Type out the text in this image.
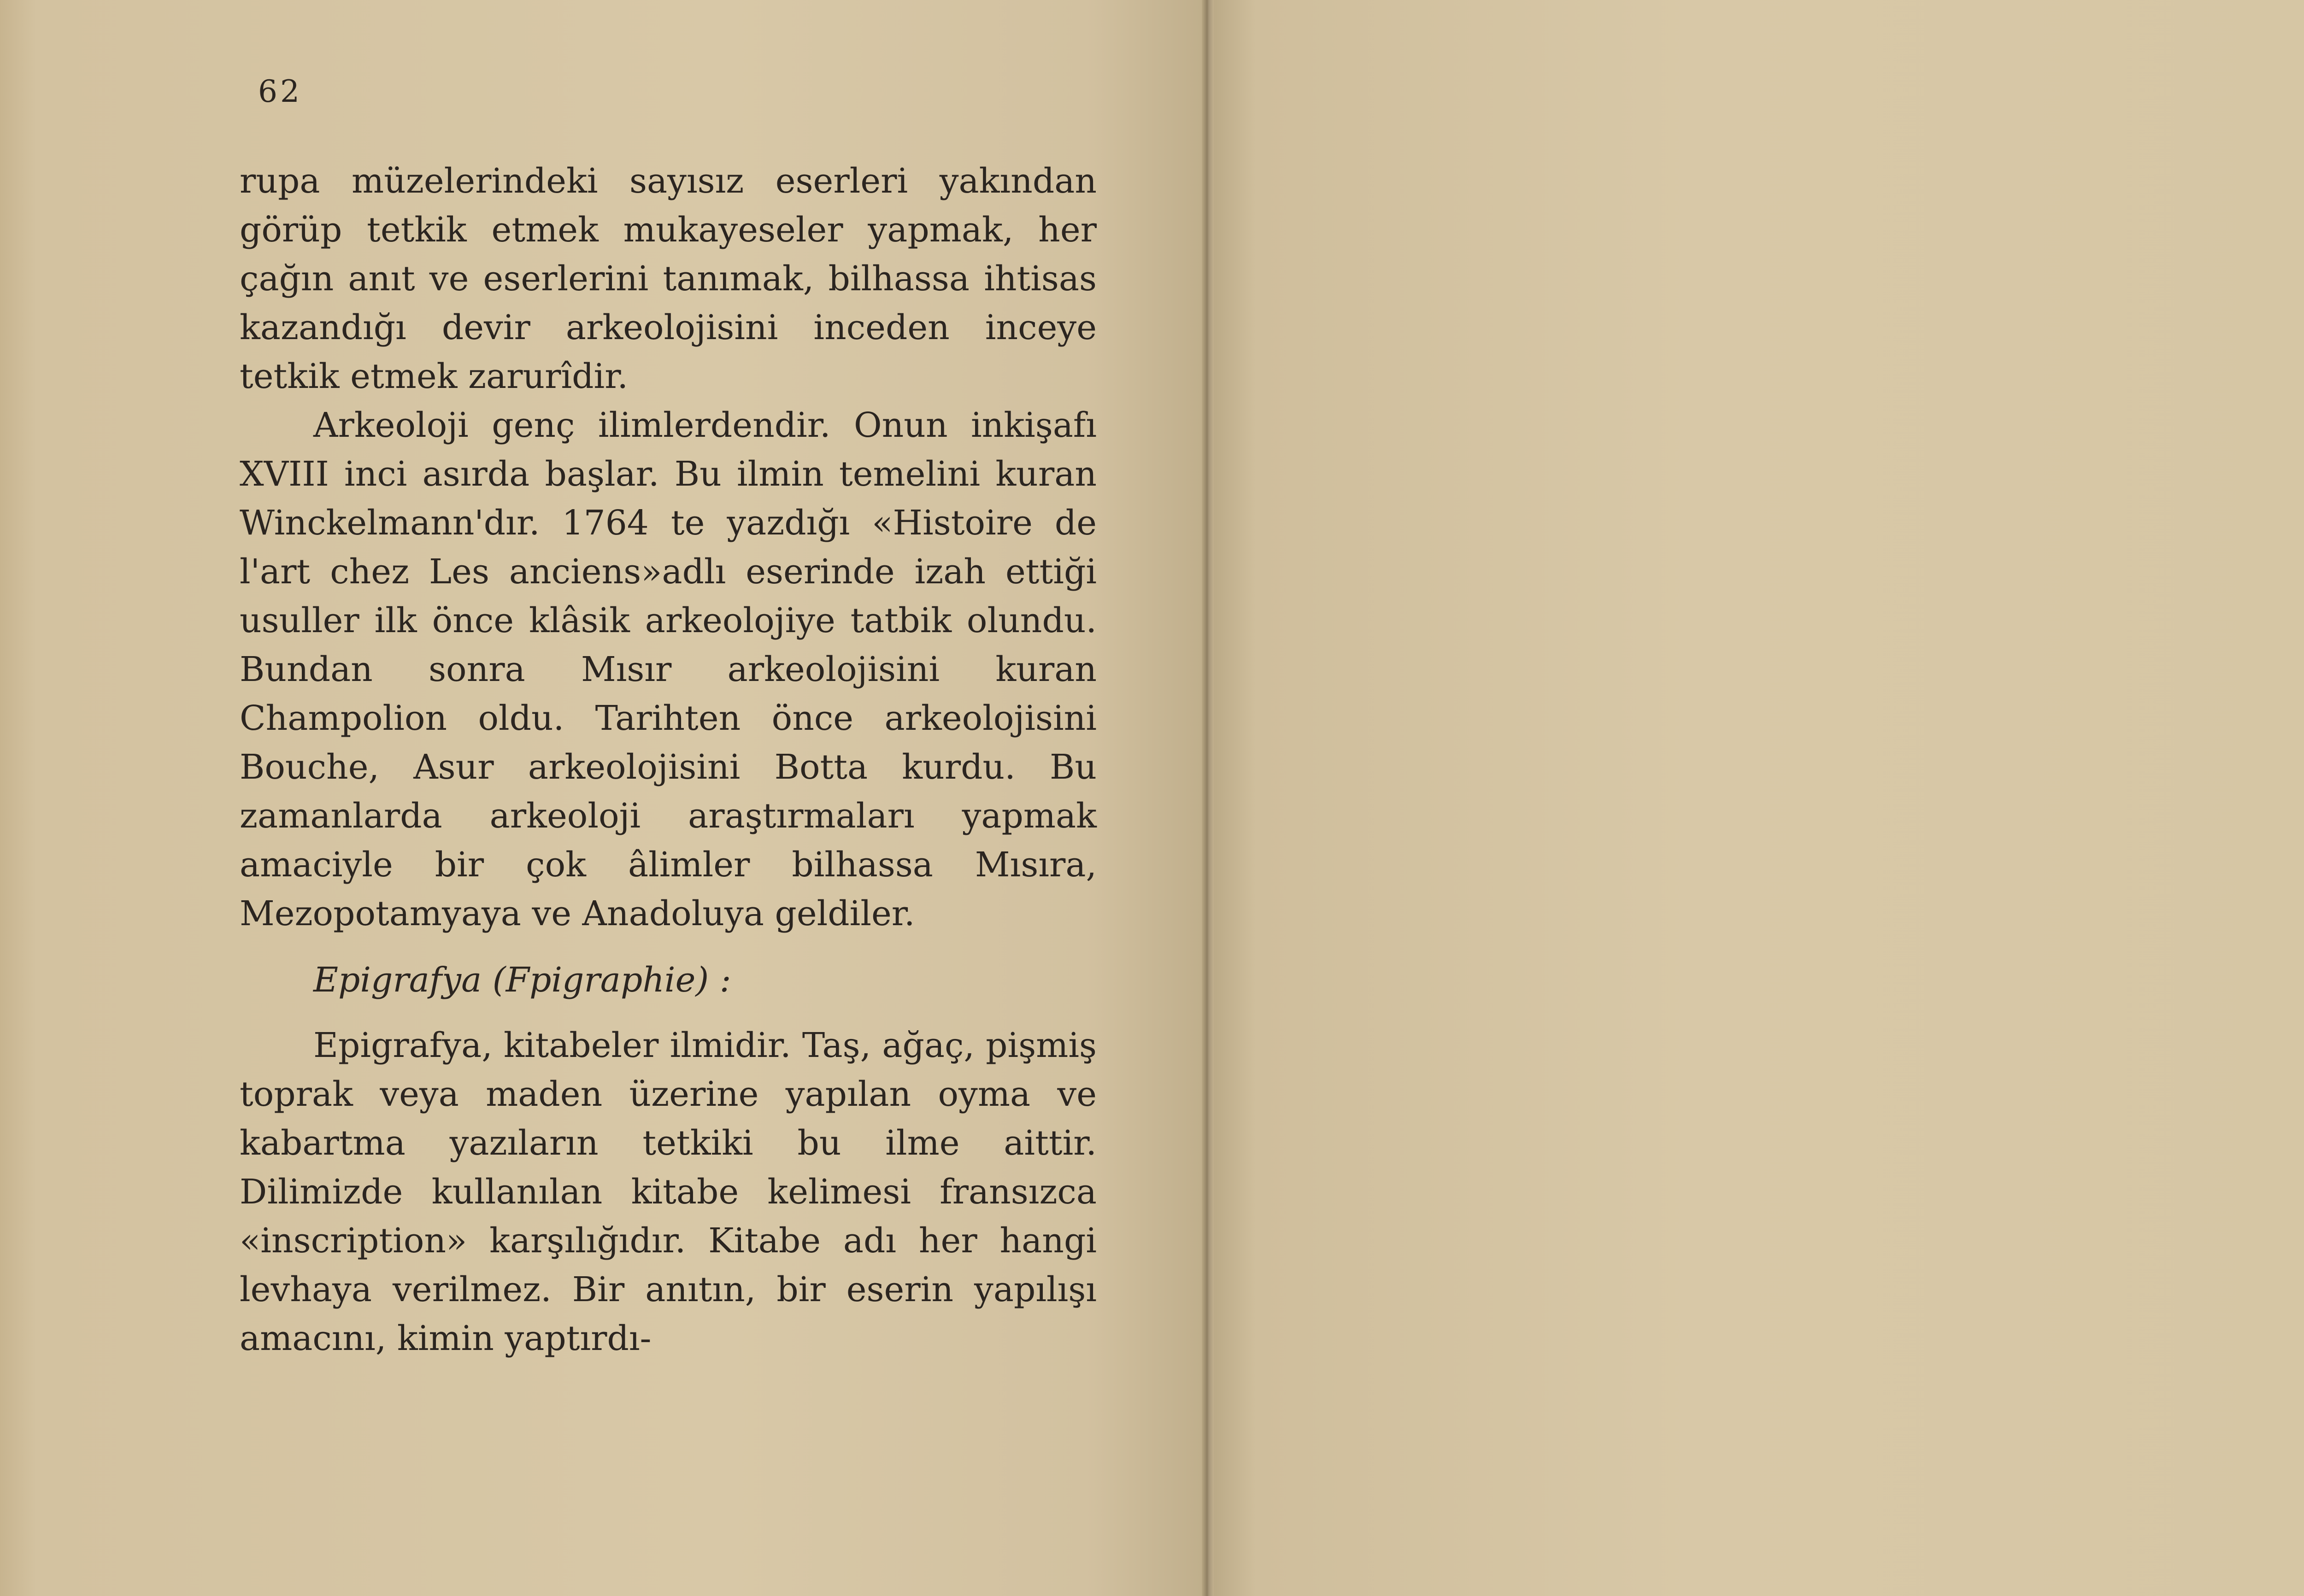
62

rupa müzelerindeki sayısız eserleri yakından görüp tetkik etmek mukayeseler yapmak, her çağın anıt ve eserlerini tanımak, bilhassa ihtisas kazandığı devir arkeolojisini inceden inceye tetkik etmek zarurîdir.

Arkeoloji genç ilimlerdendir. Onun inkişafı XVIII inci asırda başlar. Bu ilmin temelini kuran Winckelmann'dır. 1764 te yazdığı «Histoire de l'art chez Les anciens»adlı eserinde izah ettiği usuller ilk önce klâsik arkeolojiye tatbik olundu. Bundan sonra Mısır arkeolojisini kuran Champolion oldu. Tarihten önce arkeolojisini Bouche, Asur arkeolojisini Botta kurdu. Bu zamanlarda arkeoloji araştırmaları yapmak amaciyle bir çok âlimler bilhassa Mısıra, Mezopotamyaya ve Anadoluya geldiler.

Epigrafya (Fpigraphie) :

Epigrafya, kitabeler ilmidir. Taş, ağaç, pişmiş toprak veya maden üzerine yapılan oyma ve kabartma yazıların tetkiki bu ilme aittir. Dilimizde kullanılan kitabe kelimesi fransızca «inscription» karşılığıdır. Kitabe adı her hangi levhaya verilmez. Bir anıtın, bir eserin yapılışı amacını, kimin yaptırdı-
